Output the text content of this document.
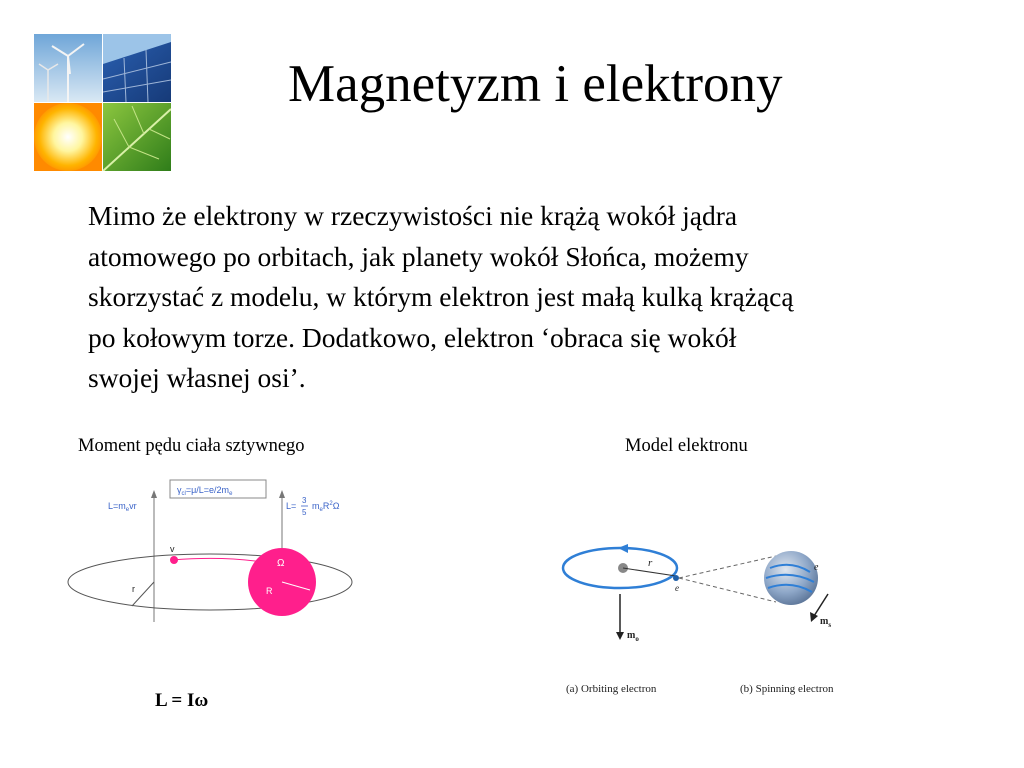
Magnetyzm i elektrony
Mimo że elektrony w rzeczywistości nie krążą wokół jądra
atomowego po orbitach, jak planety wokół Słońca, możemy
skorzystać z modelu, w którym elektron jest małą kulką krążącą
po kołowym torze. Dodatkowo, elektron ‘obraca się wokół
swojej własnej osi’.
Moment pędu ciała sztywnego	Model elektronu
$\gamma_{cl}=\mu/L=e/2m_e$
$L=m_evr$	L=
3
5
$m_eR^2\Omega$
v
r
Ω
R
r
e
e
$m_o$
$m_s$
(a) Orbiting electron	(b) Spinning electron
L = Iω
